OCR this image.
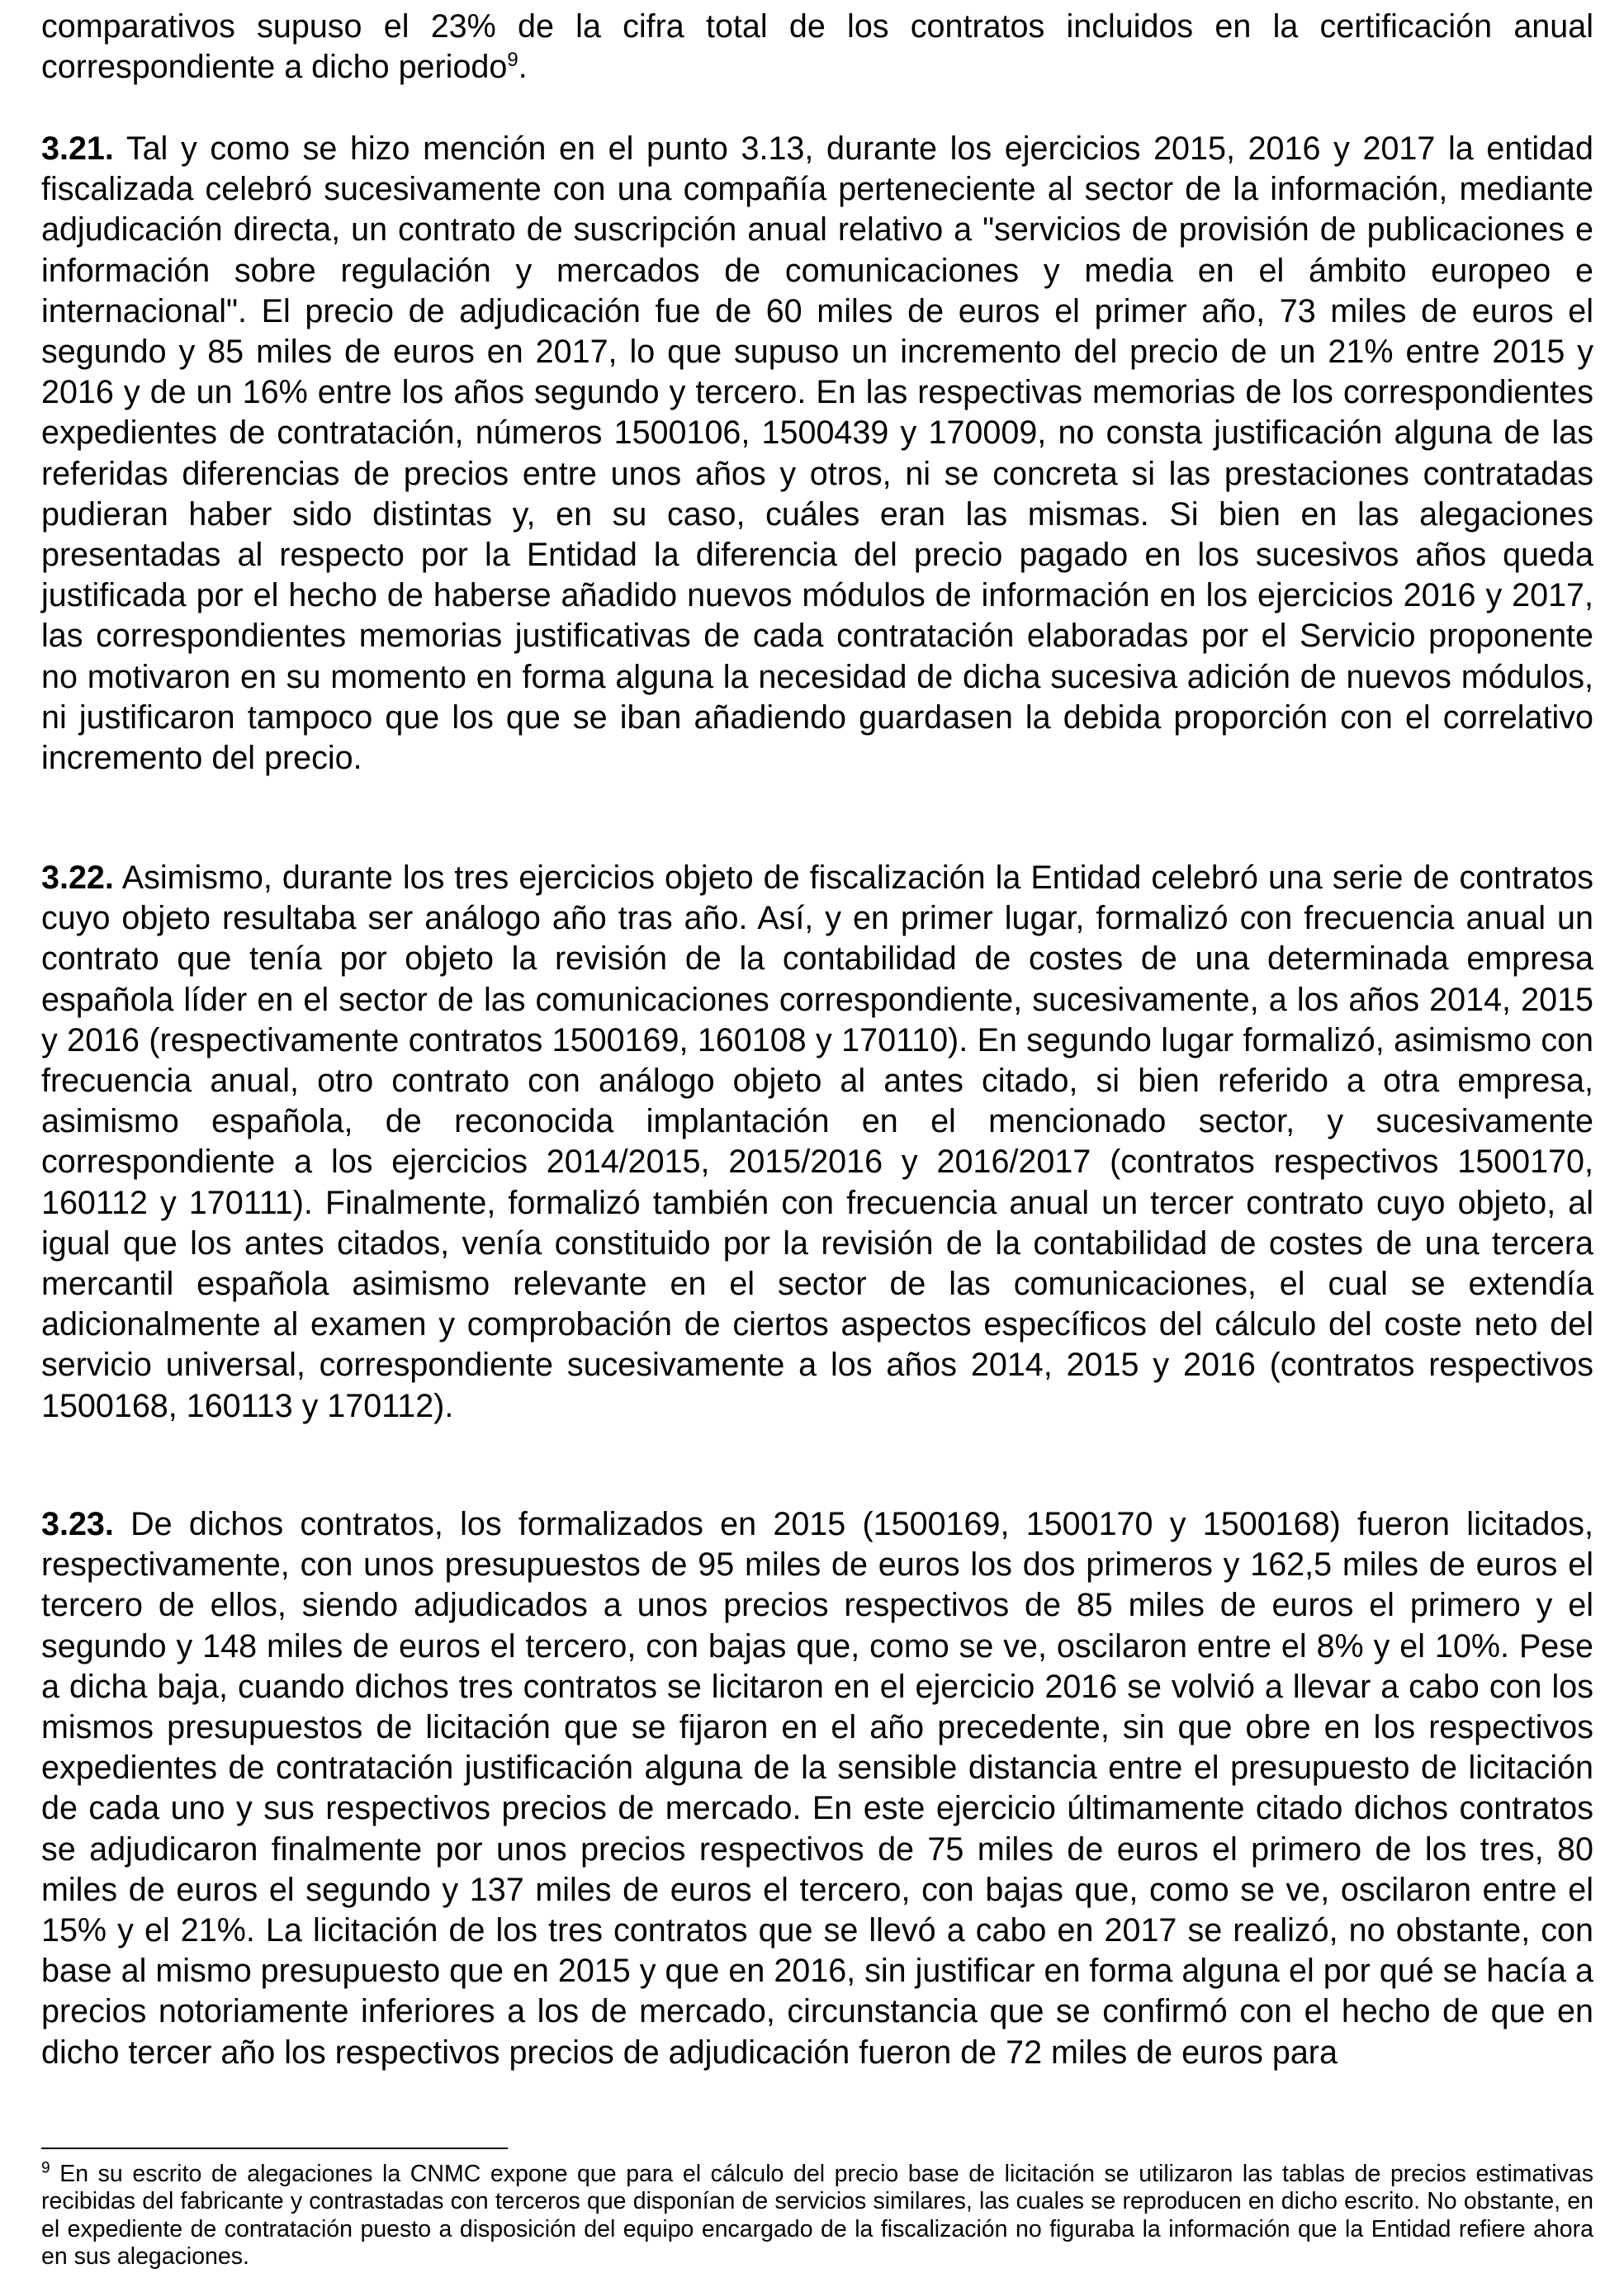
comparativos supuso el 23% de la cifra total de los contratos incluidos en la certificación anual correspondiente a dicho periodo$^9$.

3.21. Tal y como se hizo mención en el punto 3.13, durante los ejercicios 2015, 2016 y 2017 la entidad fiscalizada celebró sucesivamente con una compañía perteneciente al sector de la información, mediante adjudicación directa, un contrato de suscripción anual relativo a "servicios de provisión de publicaciones e información sobre regulación y mercados de comunicaciones y media en el ámbito europeo e internacional". El precio de adjudicación fue de 60 miles de euros el primer año, 73 miles de euros el segundo y 85 miles de euros en 2017, lo que supuso un incremento del precio de un 21% entre 2015 y 2016 y de un 16% entre los años segundo y tercero. En las respectivas memorias de los correspondientes expedientes de contratación, números 1500106, 1500439 y 170009, no consta justificación alguna de las referidas diferencias de precios entre unos años y otros, ni se concreta si las prestaciones contratadas pudieran haber sido distintas y, en su caso, cuáles eran las mismas. Si bien en las alegaciones presentadas al respecto por la Entidad la diferencia del precio pagado en los sucesivos años queda justificada por el hecho de haberse añadido nuevos módulos de información en los ejercicios 2016 y 2017, las correspondientes memorias justificativas de cada contratación elaboradas por el Servicio proponente no motivaron en su momento en forma alguna la necesidad de dicha sucesiva adición de nuevos módulos, ni justificaron tampoco que los que se iban añadiendo guardasen la debida proporción con el correlativo incremento del precio.

3.22. Asimismo, durante los tres ejercicios objeto de fiscalización la Entidad celebró una serie de contratos cuyo objeto resultaba ser análogo año tras año. Así, y en primer lugar, formalizó con frecuencia anual un contrato que tenía por objeto la revisión de la contabilidad de costes de una determinada empresa española líder en el sector de las comunicaciones correspondiente, sucesivamente, a los años 2014, 2015 y 2016 (respectivamente contratos 1500169, 160108 y 170110). En segundo lugar formalizó, asimismo con frecuencia anual, otro contrato con análogo objeto al antes citado, si bien referido a otra empresa, asimismo española, de reconocida implantación en el mencionado sector, y sucesivamente correspondiente a los ejercicios 2014/2015, 2015/2016 y 2016/2017 (contratos respectivos 1500170, 160112 y 170111). Finalmente, formalizó también con frecuencia anual un tercer contrato cuyo objeto, al igual que los antes citados, venía constituido por la revisión de la contabilidad de costes de una tercera mercantil española asimismo relevante en el sector de las comunicaciones, el cual se extendía adicionalmente al examen y comprobación de ciertos aspectos específicos del cálculo del coste neto del servicio universal, correspondiente sucesivamente a los años 2014, 2015 y 2016 (contratos respectivos 1500168, 160113 y 170112).

3.23. De dichos contratos, los formalizados en 2015 (1500169, 1500170 y 1500168) fueron licitados, respectivamente, con unos presupuestos de 95 miles de euros los dos primeros y 162,5 miles de euros el tercero de ellos, siendo adjudicados a unos precios respectivos de 85 miles de euros el primero y el segundo y 148 miles de euros el tercero, con bajas que, como se ve, oscilaron entre el 8% y el 10%. Pese a dicha baja, cuando dichos tres contratos se licitaron en el ejercicio 2016 se volvió a llevar a cabo con los mismos presupuestos de licitación que se fijaron en el año precedente, sin que obre en los respectivos expedientes de contratación justificación alguna de la sensible distancia entre el presupuesto de licitación de cada uno y sus respectivos precios de mercado. En este ejercicio últimamente citado dichos contratos se adjudicaron finalmente por unos precios respectivos de 75 miles de euros el primero de los tres, 80 miles de euros el segundo y 137 miles de euros el tercero, con bajas que, como se ve, oscilaron entre el 15% y el 21%. La licitación de los tres contratos que se llevó a cabo en 2017 se realizó, no obstante, con base al mismo presupuesto que en 2015 y que en 2016, sin justificar en forma alguna el por qué se hacía a precios notoriamente inferiores a los de mercado, circunstancia que se confirmó con el hecho de que en dicho tercer año los respectivos precios de adjudicación fueron de 72 miles de euros para

$^9$ En su escrito de alegaciones la CNMC expone que para el cálculo del precio base de licitación se utilizaron las tablas de precios estimativas recibidas del fabricante y contrastadas con terceros que disponían de servicios similares, las cuales se reproducen en dicho escrito. No obstante, en el expediente de contratación puesto a disposición del equipo encargado de la fiscalización no figuraba la información que la Entidad refiere ahora en sus alegaciones.
